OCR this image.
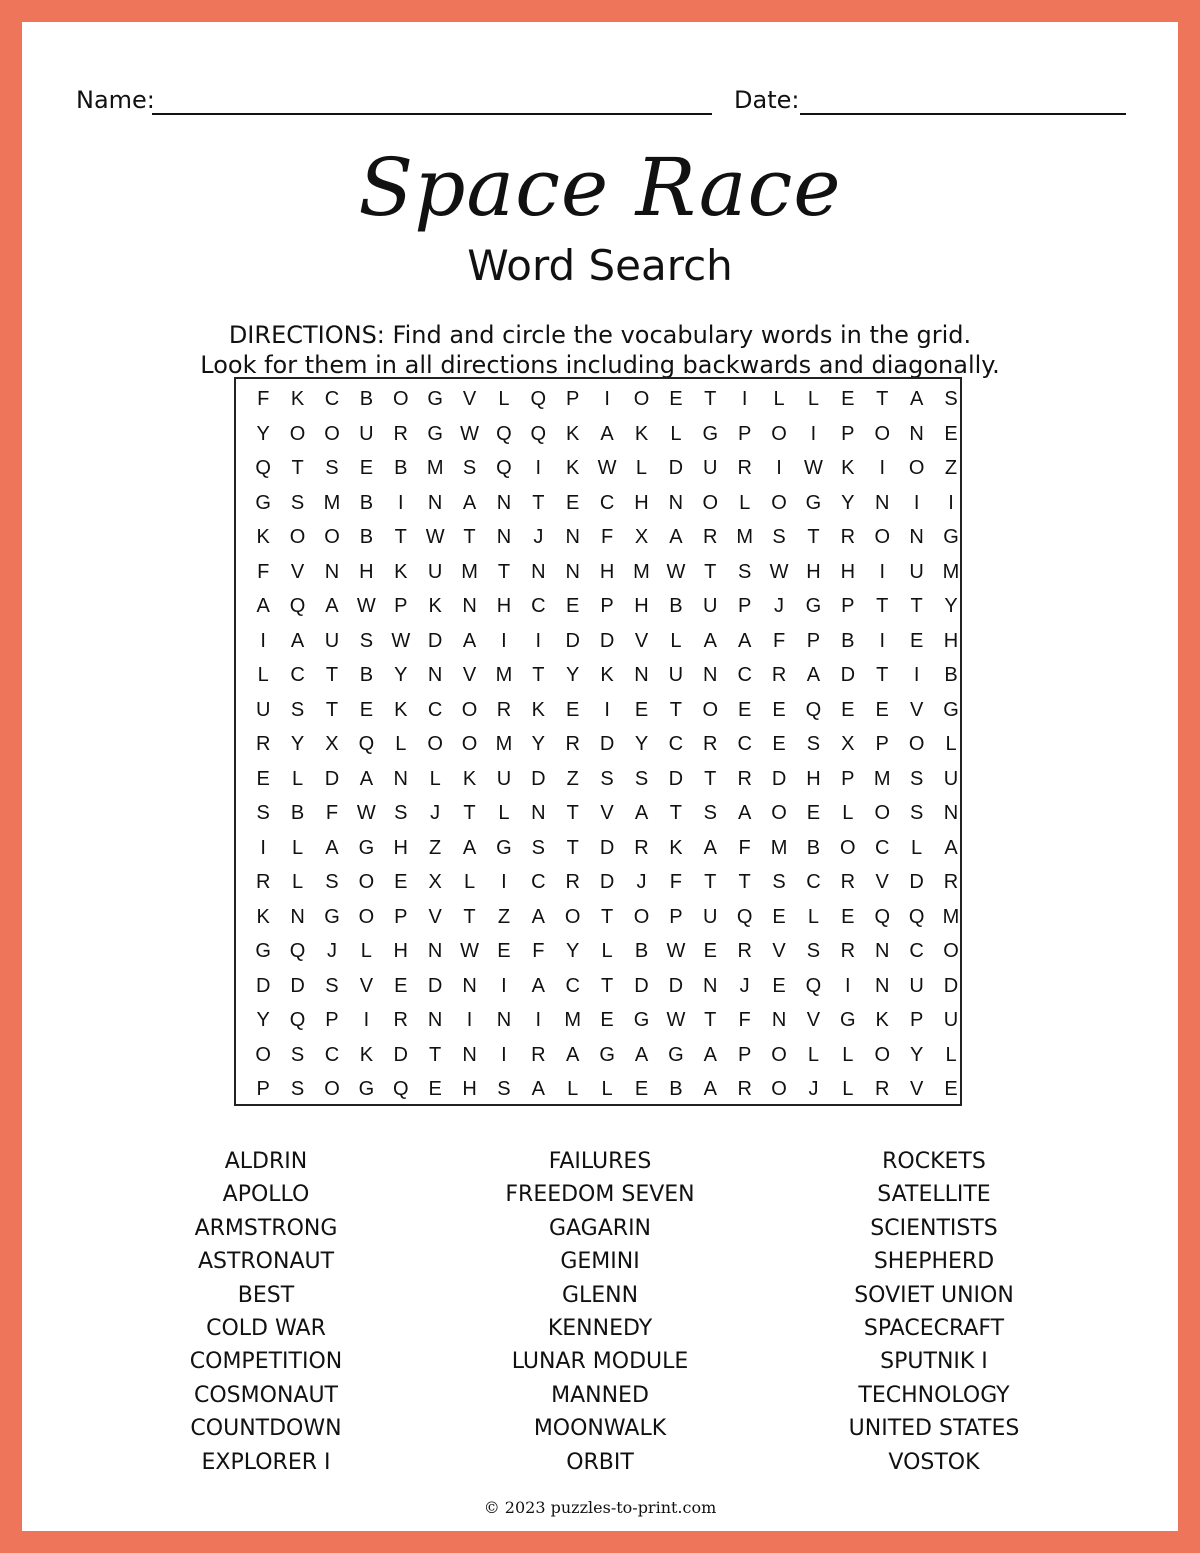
Name:	Date:
Space Race
Word Search
DIRECTIONS: Find and circle the vocabulary words in the grid.
Look for them in all directions including backwards and diagonally.
F	K	C	B O G V	L	Q P	I	O E	T	I	L	L	E	T	A	S
Y O O U R G W Q Q K	A	K	L	G P O	I	P O N	E
Q	T	S	E	B M S Q	I	K W L	D U R	I	W K	I	O	Z
G S M B	I	N	A	N	T	E	C H N O	L	O G Y	N	I	I
K O O B	T W T	N	J	N	F	X	A	R M S	T	R O N G
F	V	N H	K	U M T	N N H M W T	S W H H	I	U M
A Q A W P	K	N H C	E	P	H	B	U	P	J	G P	T	T	Y
I	A	U	S W D	A	I	I	D D	V	L	A	A	F	P	B	I	E	H
L	C	T	B	Y	N	V M T	Y	K	N U N C R	A	D	T	I	B
U	S	T	E	K	C O R	K	E	I	E	T	O E	E Q E	E	V G
R	Y	X Q	L	O O M Y	R D	Y	C R C	E	S	X	P O	L
E	L	D	A	N	L	K	U D	Z	S	S	D	T	R D H	P M S	U
S	B	F W S	J	T	L	N	T	V	A	T	S	A O E	L	O S	N
I	L	A G H	Z	A G S	T	D R	K	A	F M B O C	L	A
R	L	S O E	X	L	I	C R D	J	F	T	T	S	C R	V	D R
K	N G O P	V	T	Z	A O	T	O P	U Q E	L	E Q Q M
G Q	J	L	H N W E	F	Y	L	B W E	R	V	S	R N C O
D D	S	V	E	D N	I	A	C	T	D D N	J	E Q	I	N U D
Y Q P	I	R N	I	N	I	M E G W T	F	N	V G K	P	U
O S	C	K	D	T	N	I	R	A G A G A	P O	L	L	O Y	L
P	S O G Q E	H	S	A	L	L	E	B	A	R O	J	L	R	V	E
ALDRIN
APOLLO
ARMSTRONG
ASTRONAUT
BEST
COLD WAR
COMPETITION
COSMONAUT
COUNTDOWN
EXPLORER I
FAILURES
FREEDOM SEVEN
GAGARIN
GEMINI
GLENN
KENNEDY
LUNAR MODULE
MANNED
MOONWALK
ORBIT
ROCKETS
SATELLITE
SCIENTISTS
SHEPHERD
SOVIET UNION
SPACECRAFT
SPUTNIK I
TECHNOLOGY
UNITED STATES
VOSTOK
© 2023 puzzles-to-print.com
